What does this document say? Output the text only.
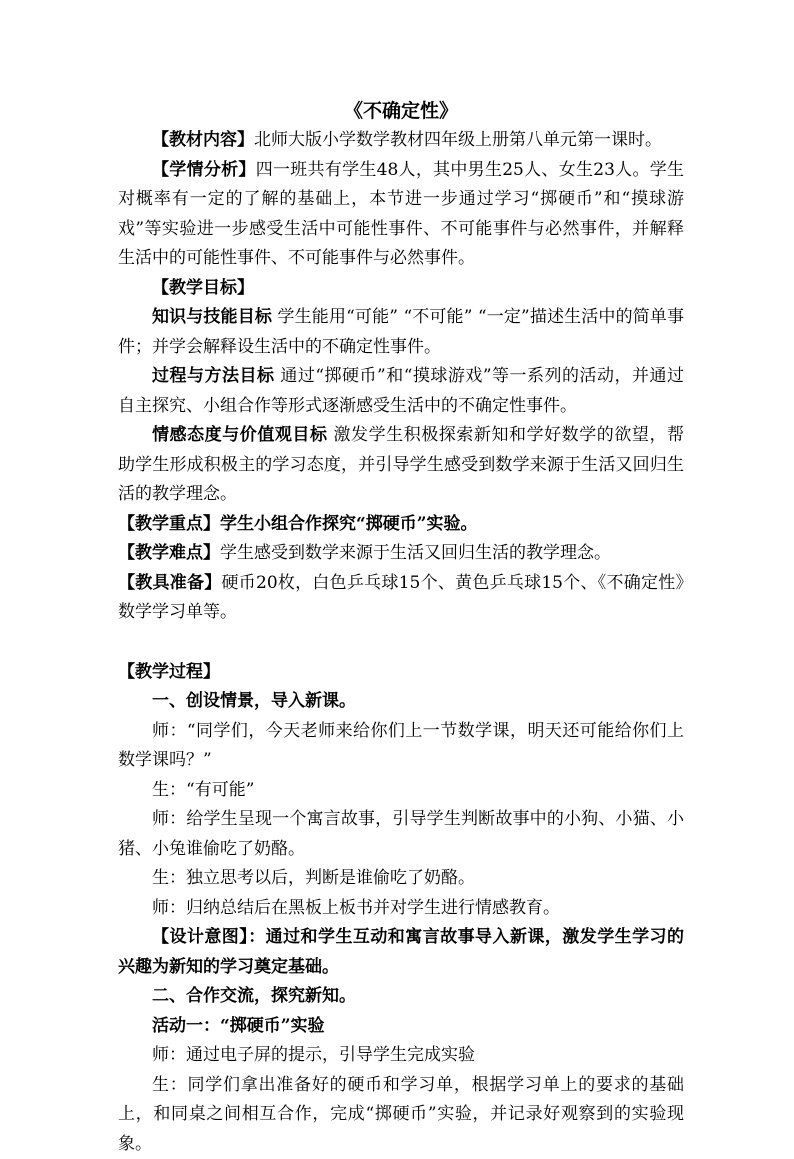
《不确定性》

【教材内容】北师大版小学数学教材四年级上册第八单元第一课时。

【学情分析】四一班共有学生48人，其中男生25人、女生23人。学生对概率有一定的了解的基础上，本节进一步通过学习“掷硬币”和“摸球游戏”等实验进一步感受生活中可能性事件、不可能事件与必然事件，并解释生活中的可能性事件、不可能事件与必然事件。

【教学目标】

知识与技能目标 学生能用“可能” “不可能” “一定”描述生活中的简单事件；并学会解释设生活中的不确定性事件。

过程与方法目标 通过“掷硬币”和“摸球游戏”等一系列的活动，并通过自主探究、小组合作等形式逐渐感受生活中的不确定性事件。

情感态度与价值观目标 激发学生积极探索新知和学好数学的欲望，帮助学生形成积极主的学习态度，并引导学生感受到数学来源于生活又回归生活的教学理念。

【教学重点】学生小组合作探究“掷硬币”实验。

【教学难点】学生感受到数学来源于生活又回归生活的教学理念。

【教具准备】硬币20枚，白色乒乓球15个、黄色乒乓球15个、《不确定性》数学学习单等。

【教学过程】

一、创设情景，导入新课。

师：“同学们，今天老师来给你们上一节数学课，明天还可能给你们上数学课吗？”

生：“有可能”

师：给学生呈现一个寓言故事，引导学生判断故事中的小狗、小猫、小猪、小兔谁偷吃了奶酪。

生：独立思考以后，判断是谁偷吃了奶酪。

师：归纳总结后在黑板上板书并对学生进行情感教育。

【设计意图】：通过和学生互动和寓言故事导入新课，激发学生学习的兴趣为新知的学习奠定基础。

二、合作交流，探究新知。

活动一：“掷硬币”实验

师：通过电子屏的提示，引导学生完成实验

生：同学们拿出准备好的硬币和学习单，根据学习单上的要求的基础上，和同桌之间相互合作，完成“掷硬币”实验，并记录好观察到的实验现象。
